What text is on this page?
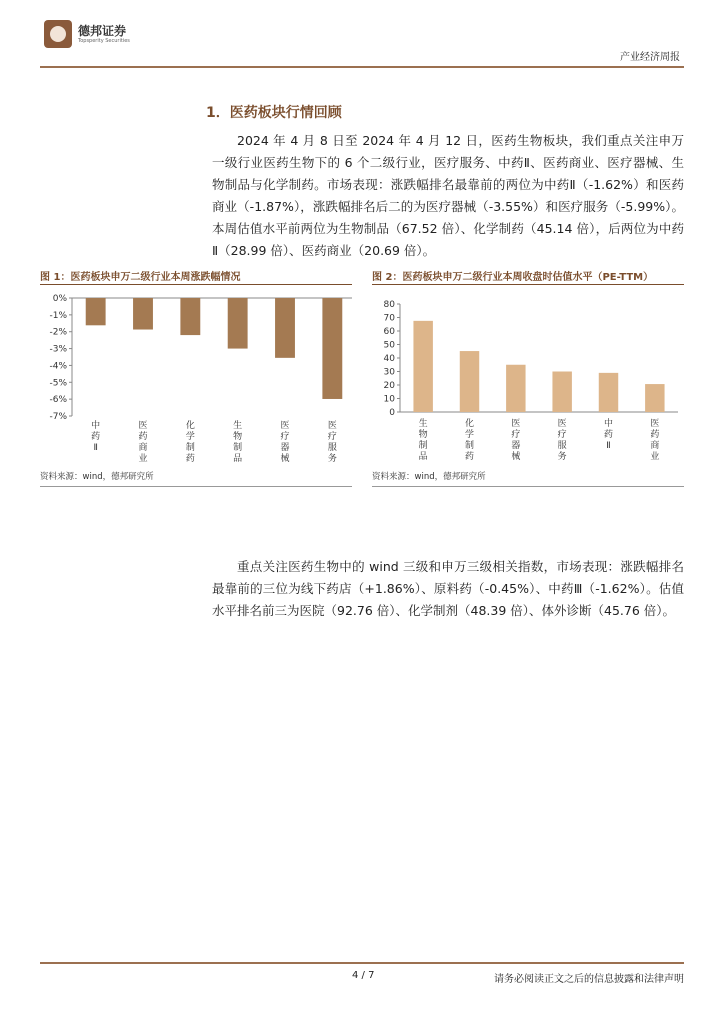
德邦证券
Topsperity Securities
产业经济周报
1．医药板块行情回顾
2024 年 4 月 8 日至 2024 年 4 月 12 日，医药生物板块，我们重点关注申万一级行业医药生物下的 6 个二级行业，医疗服务、中药Ⅱ、医药商业、医疗器械、生物制品与化学制药。市场表现：涨跌幅排名最靠前的两位为中药Ⅱ（-1.62%）和医药商业（-1.87%），涨跌幅排名后二的为医疗器械（-3.55%）和医疗服务（-5.99%）。本周估值水平前两位为生物制品（67.52 倍）、化学制药（45.14 倍），后两位为中药Ⅱ（28.99 倍）、医药商业（20.69 倍）。
图 1：医药板块申万二级行业本周涨跌幅情况
0%
-1%
-2%
-3%
-4%
-5%
-6%
-7%
中
药
Ⅱ
医
药
商
业
化
学
制
药
生
物
制
品
医
疗
器
械
医
疗
服
务
资料来源：wind，德邦研究所
图 2：医药板块申万二级行业本周收盘时估值水平（PE-TTM）
80
70
60
50
40
30
20
10
0
生
物
制
品
化
学
制
药
医
疗
器
械
医
疗
服
务
中
药
Ⅱ
医
药
商
业
资料来源：wind，德邦研究所
重点关注医药生物中的 wind 三级和申万三级相关指数，市场表现：涨跌幅排名最靠前的三位为线下药店（+1.86%）、原料药（-0.45%）、中药Ⅲ（-1.62%）。估值水平排名前三为医院（92.76 倍）、化学制剂（48.39 倍）、体外诊断（45.76 倍）。
4 / 7	请务必阅读正文之后的信息披露和法律声明
